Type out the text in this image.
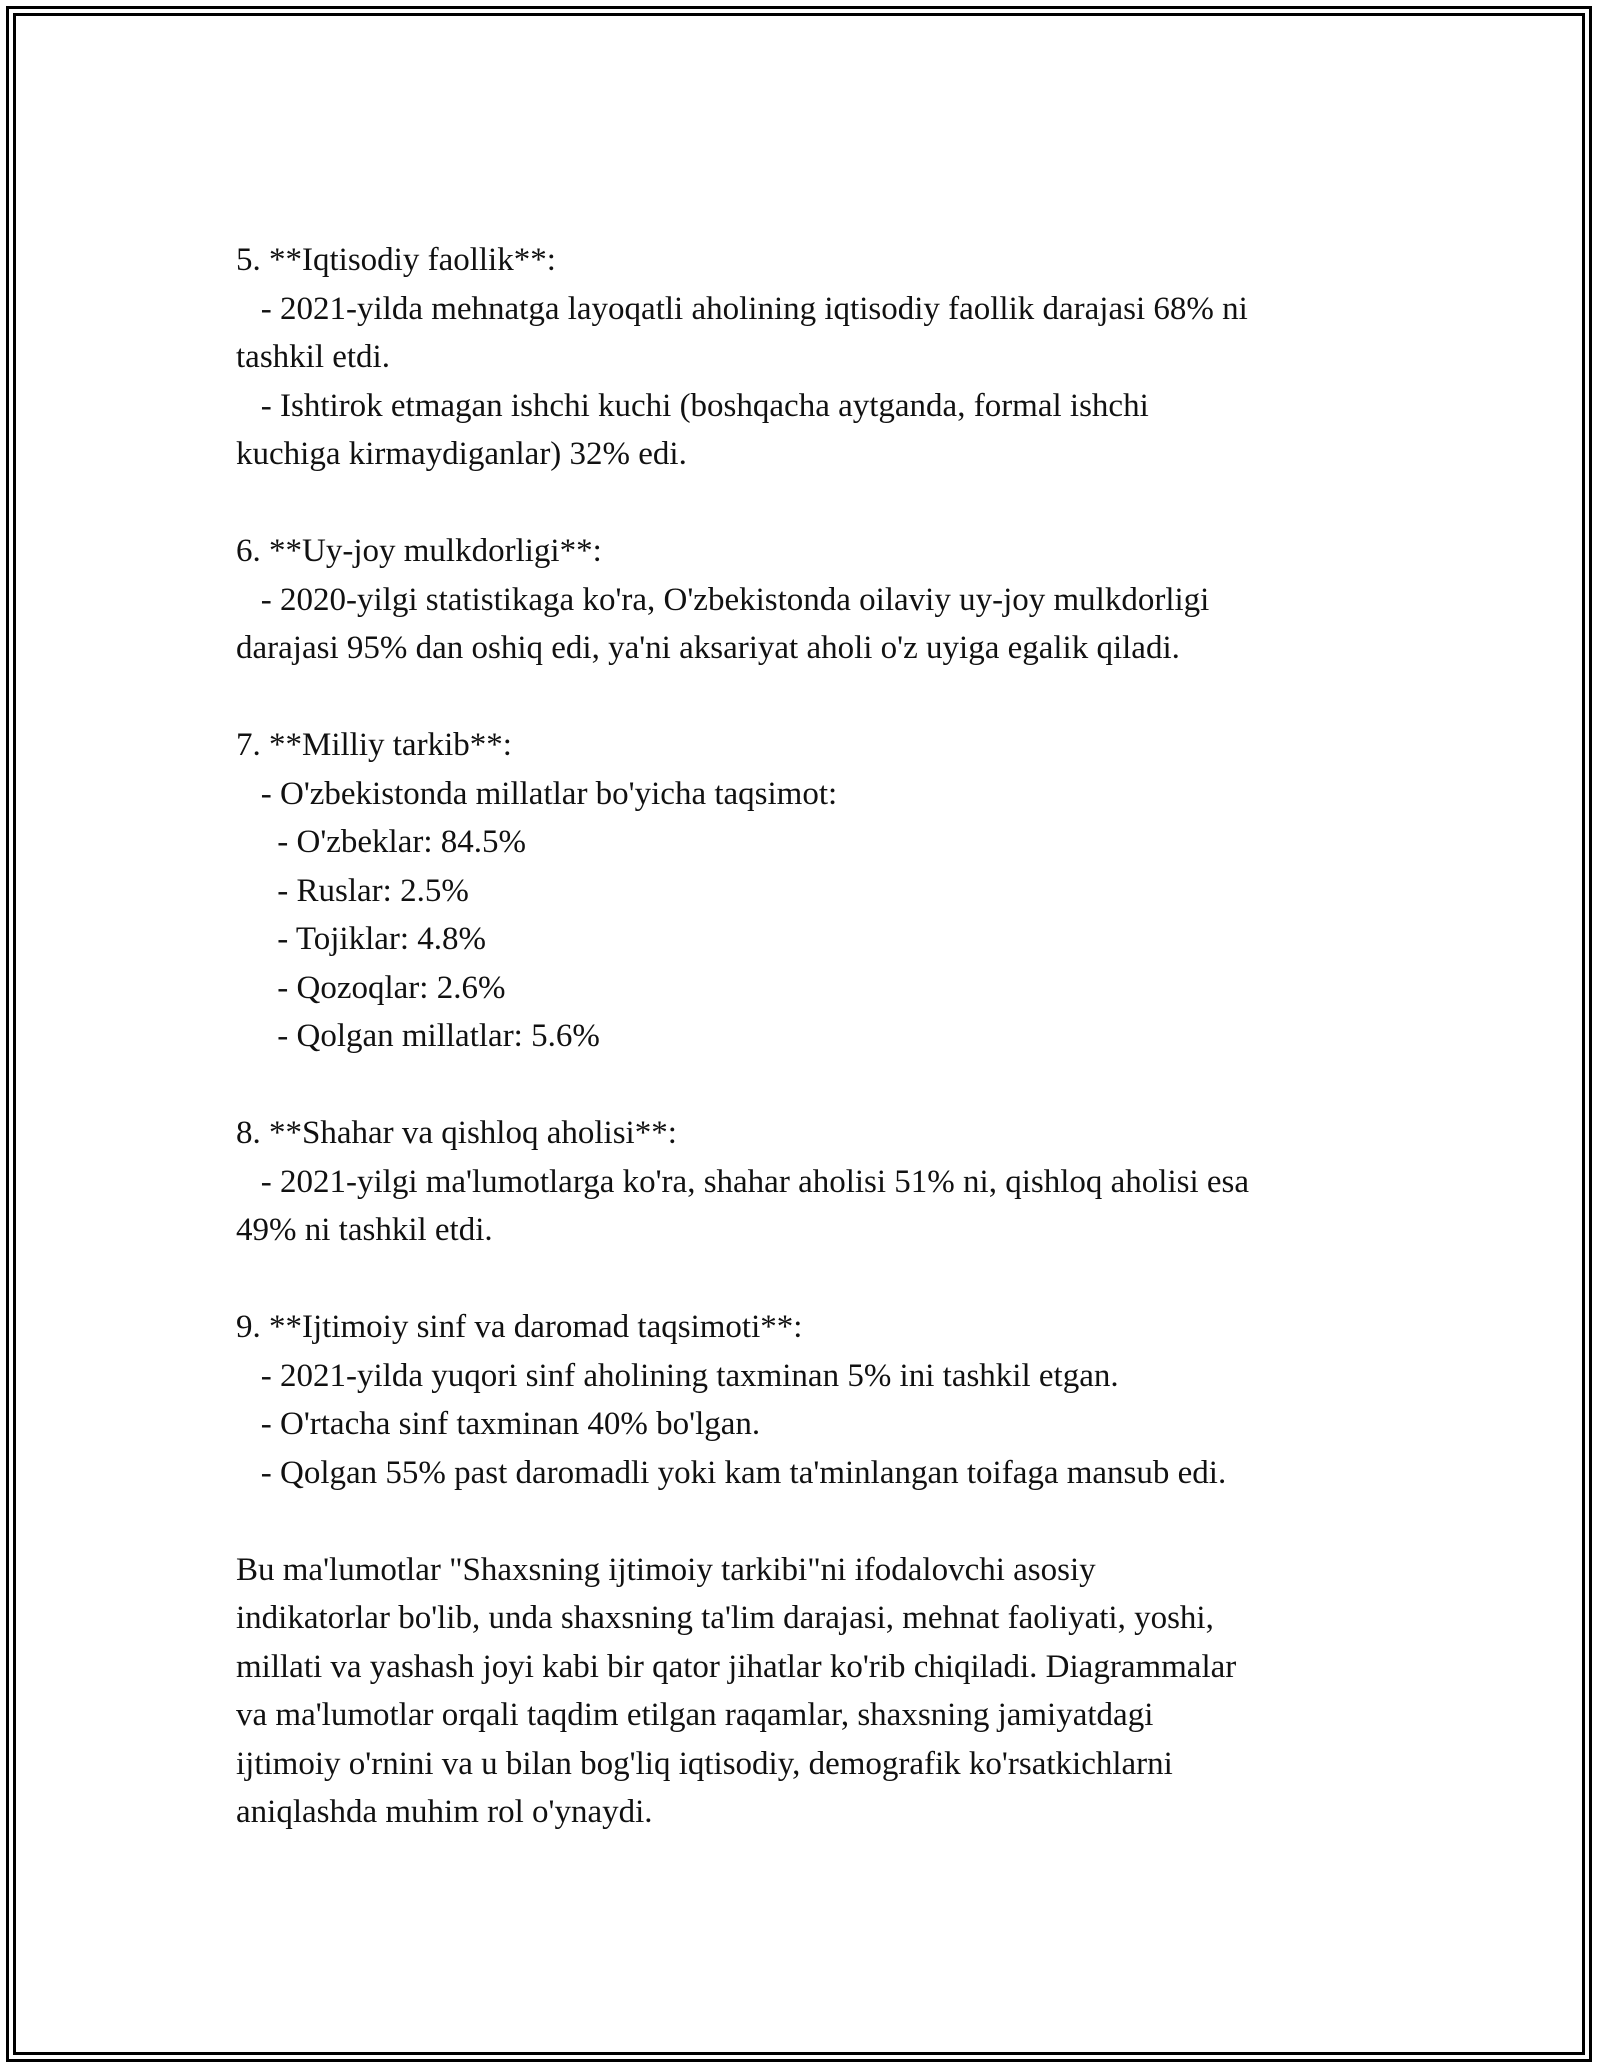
5. **Iqtisodiy faollik**:
- 2021-yilda mehnatga layoqatli aholining iqtisodiy faollik darajasi 68% ni
tashkil etdi.
- Ishtirok etmagan ishchi kuchi (boshqacha aytganda, formal ishchi
kuchiga kirmaydiganlar) 32% edi.
6. **Uy-joy mulkdorligi**:
- 2020-yilgi statistikaga ko'ra, O'zbekistonda oilaviy uy-joy mulkdorligi
darajasi 95% dan oshiq edi, ya'ni aksariyat aholi o'z uyiga egalik qiladi.
7. **Milliy tarkib**:
- O'zbekistonda millatlar bo'yicha taqsimot:
- O'zbeklar: 84.5%
- Ruslar: 2.5%
- Tojiklar: 4.8%
- Qozoqlar: 2.6%
- Qolgan millatlar: 5.6%
8. **Shahar va qishloq aholisi**:
- 2021-yilgi ma'lumotlarga ko'ra, shahar aholisi 51% ni, qishloq aholisi esa
49% ni tashkil etdi.
9. **Ijtimoiy sinf va daromad taqsimoti**:
- 2021-yilda yuqori sinf aholining taxminan 5% ini tashkil etgan.
- O'rtacha sinf taxminan 40% bo'lgan.
- Qolgan 55% past daromadli yoki kam ta'minlangan toifaga mansub edi.
Bu ma'lumotlar "Shaxsning ijtimoiy tarkibi"ni ifodalovchi asosiy
indikatorlar bo'lib, unda shaxsning ta'lim darajasi, mehnat faoliyati, yoshi,
millati va yashash joyi kabi bir qator jihatlar ko'rib chiqiladi. Diagrammalar
va ma'lumotlar orqali taqdim etilgan raqamlar, shaxsning jamiyatdagi
ijtimoiy o'rnini va u bilan bog'liq iqtisodiy, demografik ko'rsatkichlarni
aniqlashda muhim rol o'ynaydi.
